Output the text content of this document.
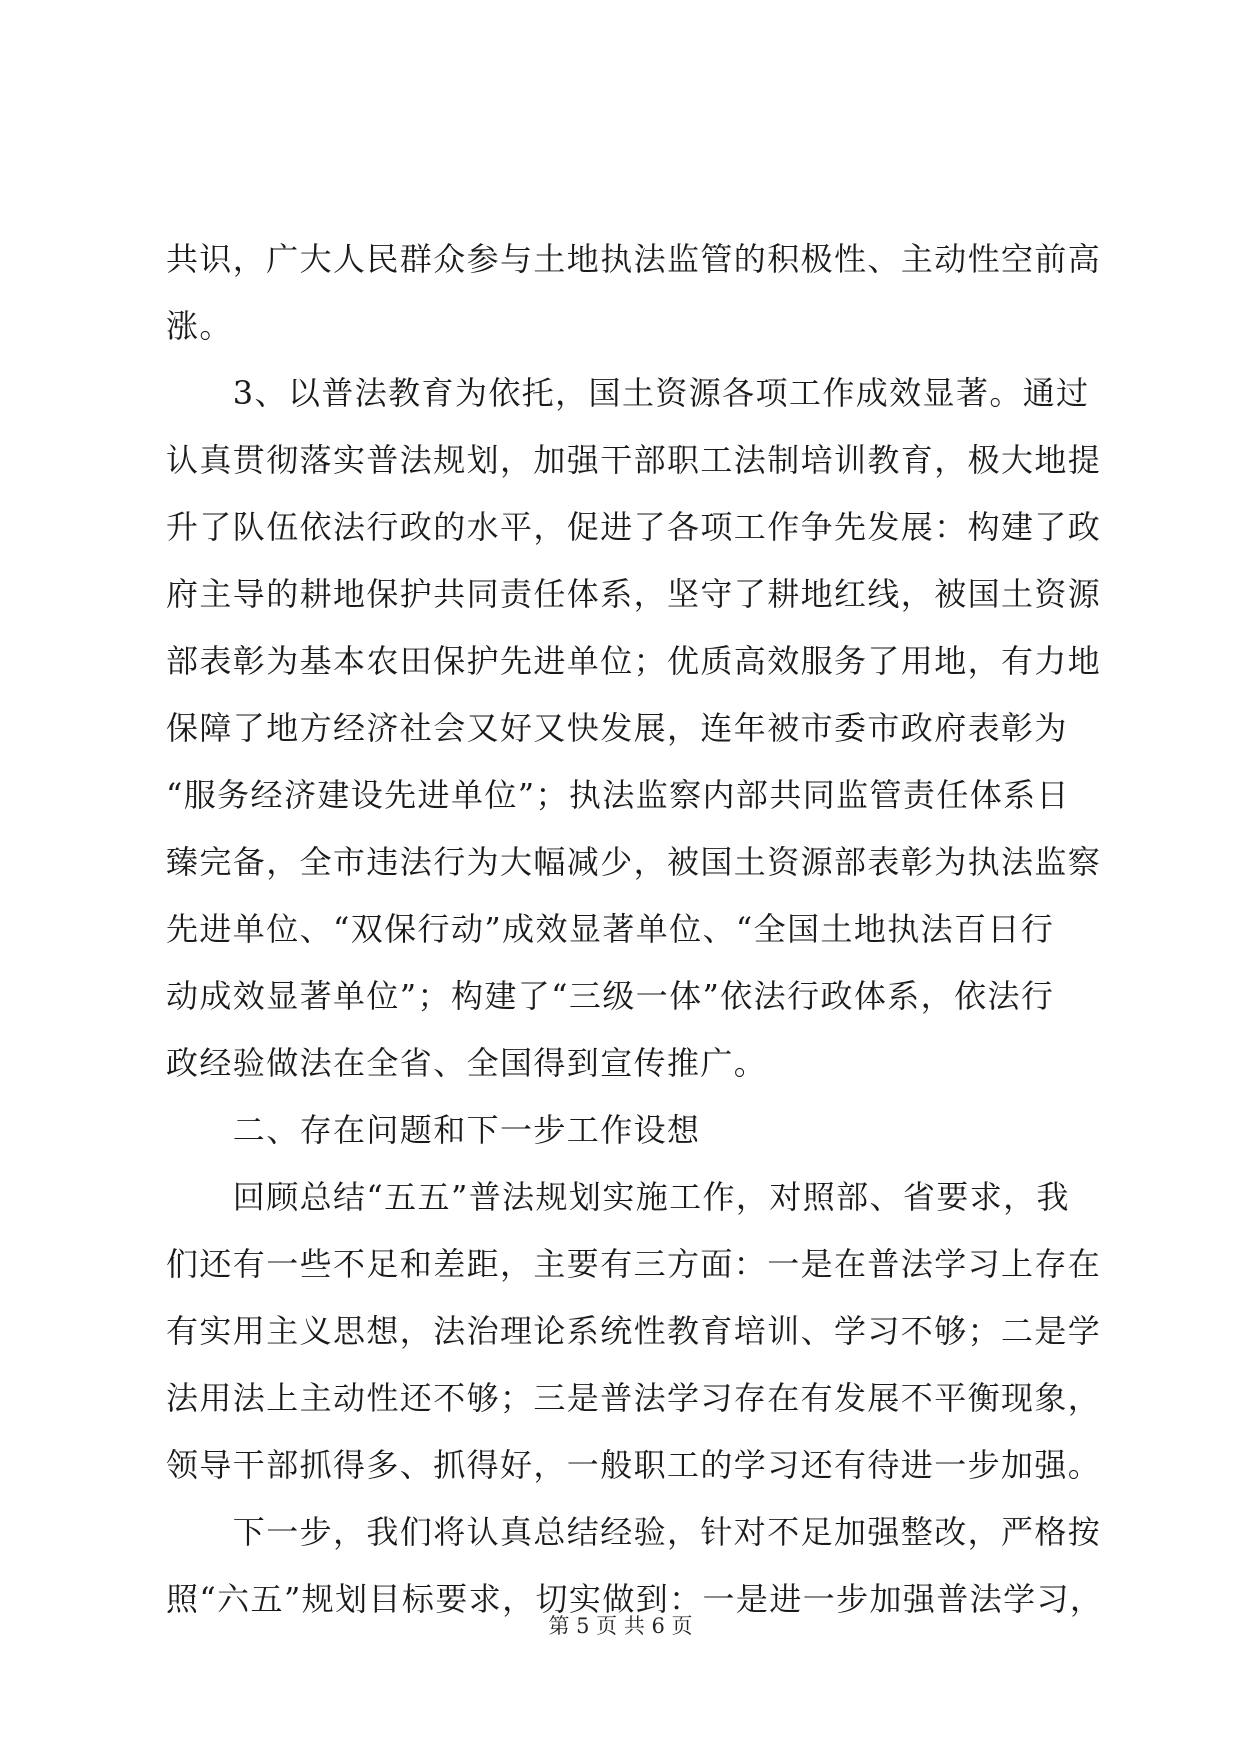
共识，广大人民群众参与土地执法监管的积极性、主动性空前高
涨。
　　3、以普法教育为依托，国土资源各项工作成效显著。通过
认真贯彻落实普法规划，加强干部职工法制培训教育，极大地提
升了队伍依法行政的水平，促进了各项工作争先发展：构建了政
府主导的耕地保护共同责任体系，坚守了耕地红线，被国土资源
部表彰为基本农田保护先进单位；优质高效服务了用地，有力地
保障了地方经济社会又好又快发展，连年被市委市政府表彰为
“服务经济建设先进单位”；执法监察内部共同监管责任体系日
臻完备，全市违法行为大幅减少，被国土资源部表彰为执法监察
先进单位、“双保行动”成效显著单位、“全国土地执法百日行
动成效显著单位”；构建了“三级一体”依法行政体系，依法行
政经验做法在全省、全国得到宣传推广。
　　二、存在问题和下一步工作设想
　　回顾总结“五五”普法规划实施工作，对照部、省要求，我
们还有一些不足和差距，主要有三方面：一是在普法学习上存在
有实用主义思想，法治理论系统性教育培训、学习不够；二是学
法用法上主动性还不够；三是普法学习存在有发展不平衡现象，
领导干部抓得多、抓得好，一般职工的学习还有待进一步加强。
　　下一步，我们将认真总结经验，针对不足加强整改，严格按
照“六五”规划目标要求，切实做到：一是进一步加强普法学习，
第 5 页 共 6 页
